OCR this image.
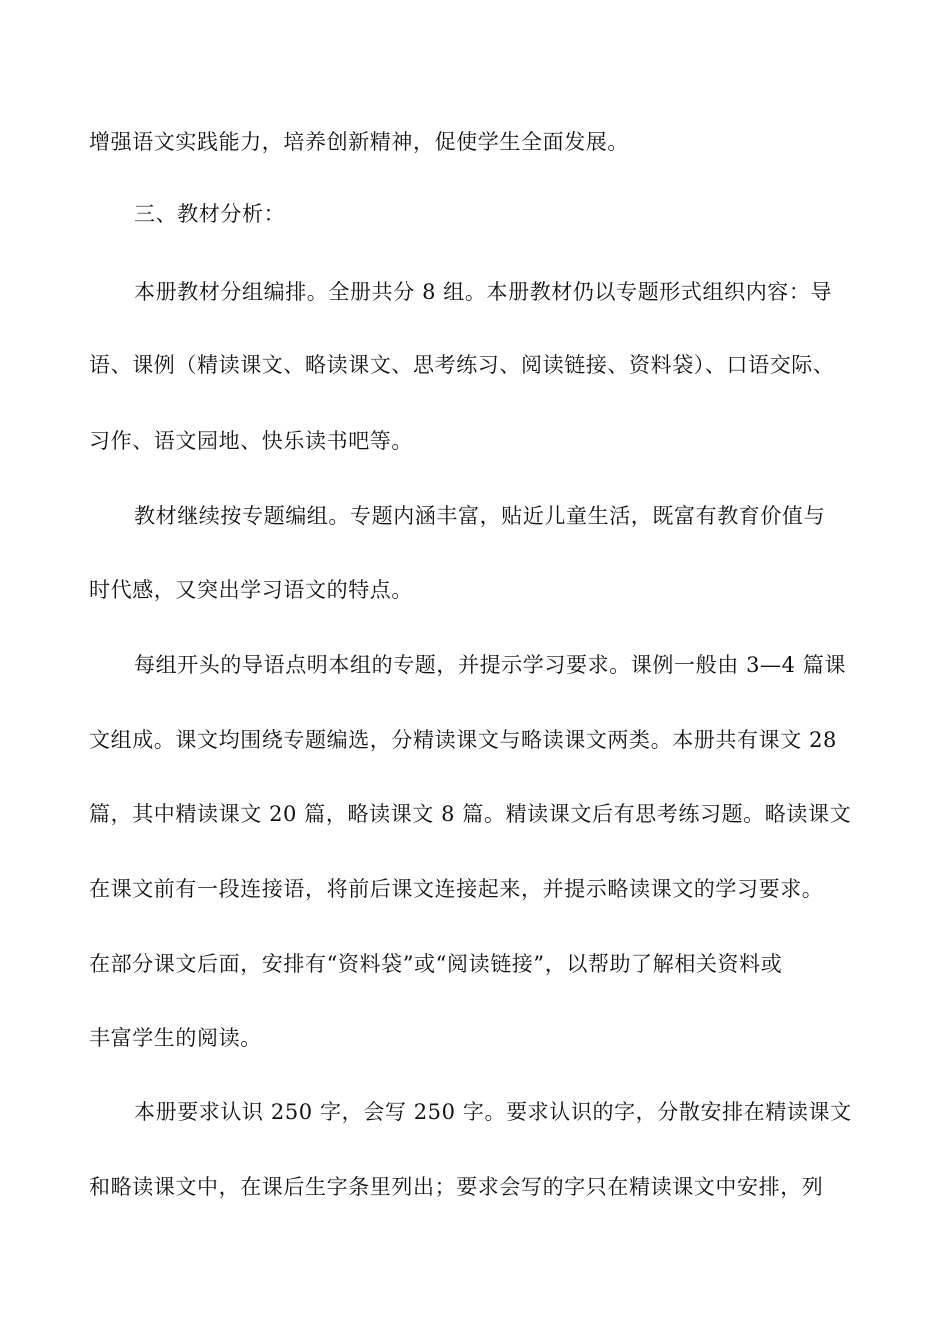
增强语文实践能力，培养创新精神，促使学生全面发展。
三、教材分析：
本册教材分组编排。全册共分 8 组。本册教材仍以专题形式组织内容：导
语、课例（精读课文、略读课文、思考练习、阅读链接、资料袋）、口语交际、
习作、语文园地、快乐读书吧等。
教材继续按专题编组。专题内涵丰富，贴近儿童生活，既富有教育价值与
时代感，又突出学习语文的特点。
每组开头的导语点明本组的专题，并提示学习要求。课例一般由 3—4 篇课
文组成。课文均围绕专题编选，分精读课文与略读课文两类。本册共有课文 28
篇，其中精读课文 20 篇，略读课文 8 篇。精读课文后有思考练习题。略读课文
在课文前有一段连接语，将前后课文连接起来，并提示略读课文的学习要求。
在部分课文后面，安排有“资料袋”或“阅读链接”，以帮助了解相关资料或
丰富学生的阅读。
本册要求认识 250 字，会写 250 字。要求认识的字，分散安排在精读课文
和略读课文中，在课后生字条里列出；要求会写的字只在精读课文中安排，列
